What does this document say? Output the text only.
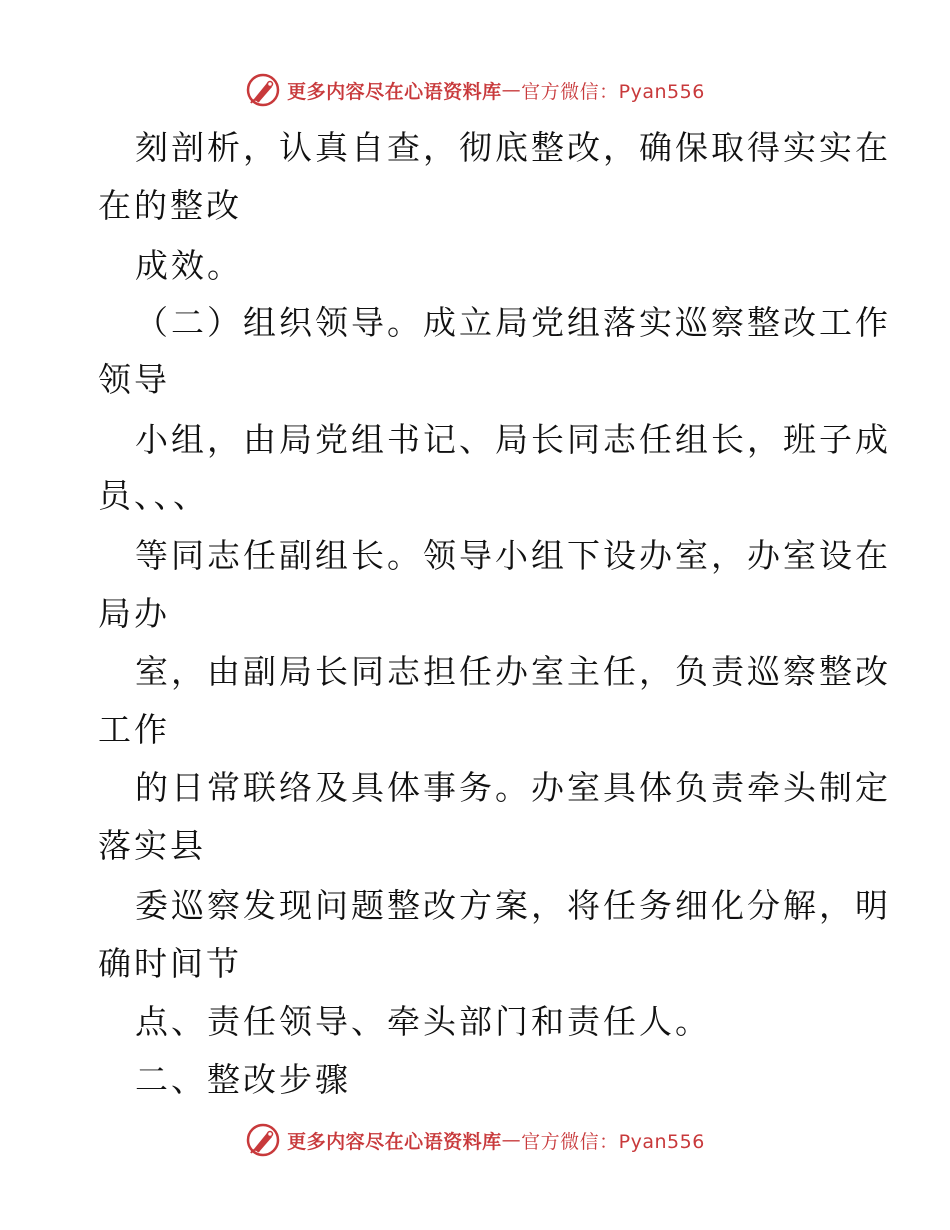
更多内容尽在心语资料库 — 官方微信：Pyan556
刻剖析，认真自查，彻底整改，确保取得实实在
在的整改
成效。
（二）组织领导。成立局党组落实巡察整改工作
领导
小组，由局党组书记、局长同志任组长，班子成
员、、、
等同志任副组长。领导小组下设办室，办室设在
局办
室，由副局长同志担任办室主任，负责巡察整改
工作
的日常联络及具体事务。办室具体负责牵头制定
落实县
委巡察发现问题整改方案，将任务细化分解，明
确时间节
点、责任领导、牵头部门和责任人。
二、整改步骤
更多内容尽在心语资料库 — 官方微信：Pyan556
